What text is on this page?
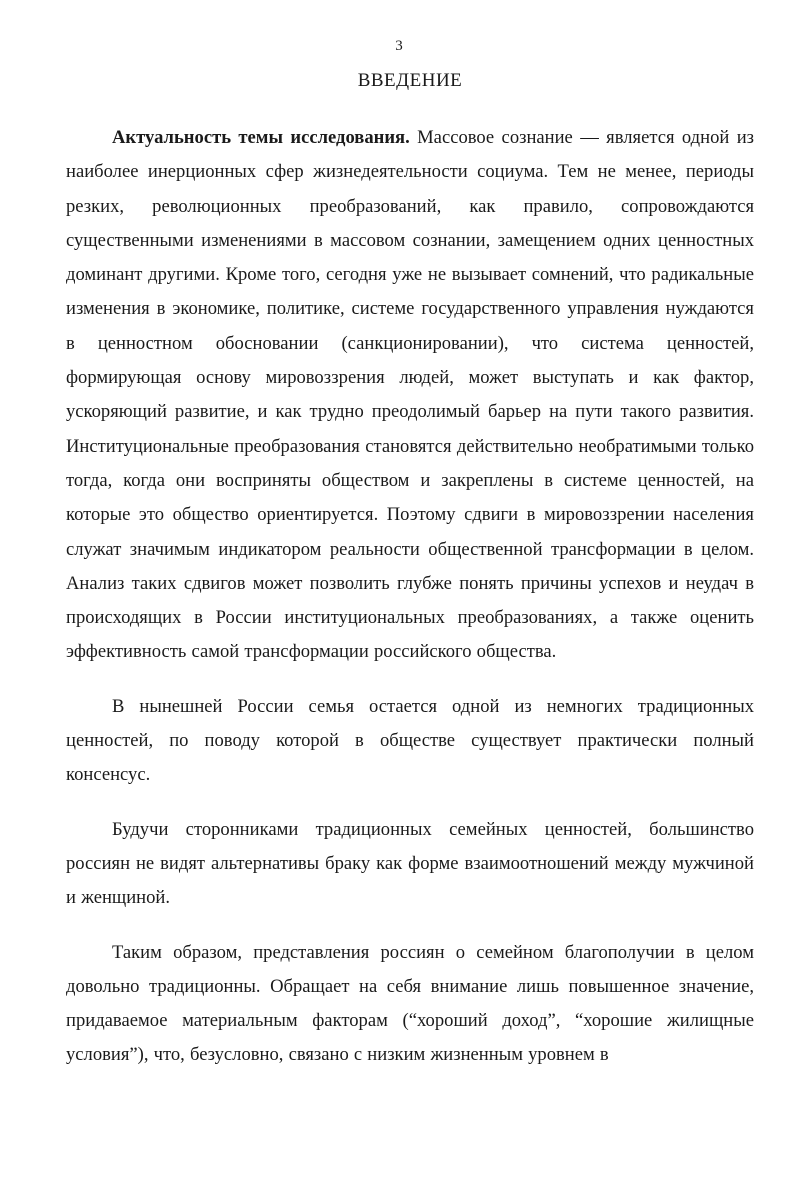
3
ВВЕДЕНИЕ

Актуальность темы исследования. Массовое сознание — является одной из наиболее инерционных сфер жизнедеятельности социума. Тем не менее, периоды резких, революционных преобразований, как правило, сопровождаются существенными изменениями в массовом сознании, замещением одних ценностных доминант другими. Кроме того, сегодня уже не вызывает сомнений, что радикальные изменения в экономике, политике, системе государственного управления нуждаются в ценностном обосновании (санкционировании), что система ценностей, формирующая основу мировоззрения людей, может выступать и как фактор, ускоряющий развитие, и как трудно преодолимый барьер на пути такого развития. Институциональные преобразования становятся действительно необратимыми только тогда, когда они восприняты обществом и закреплены в системе ценностей, на которые это общество ориентируется. Поэтому сдвиги в мировоззрении населения служат значимым индикатором реальности общественной трансформации в целом. Анализ таких сдвигов может позволить глубже понять причины успехов и неудач в происходящих в России институциональных преобразованиях, а также оценить эффективность самой трансформации российского общества.

В нынешней России семья остается одной из немногих традиционных ценностей, по поводу которой в обществе существует практически полный консенсус.

Будучи сторонниками традиционных семейных ценностей, большинство россиян не видят альтернативы браку как форме взаимоотношений между мужчиной и женщиной.

Таким образом, представления россиян о семейном благополучии в целом довольно традиционны. Обращает на себя внимание лишь повышенное значение, придаваемое материальным факторам (“хороший доход”, “хорошие жилищные условия”), что, безусловно, связано с низким жизненным уровнем в
